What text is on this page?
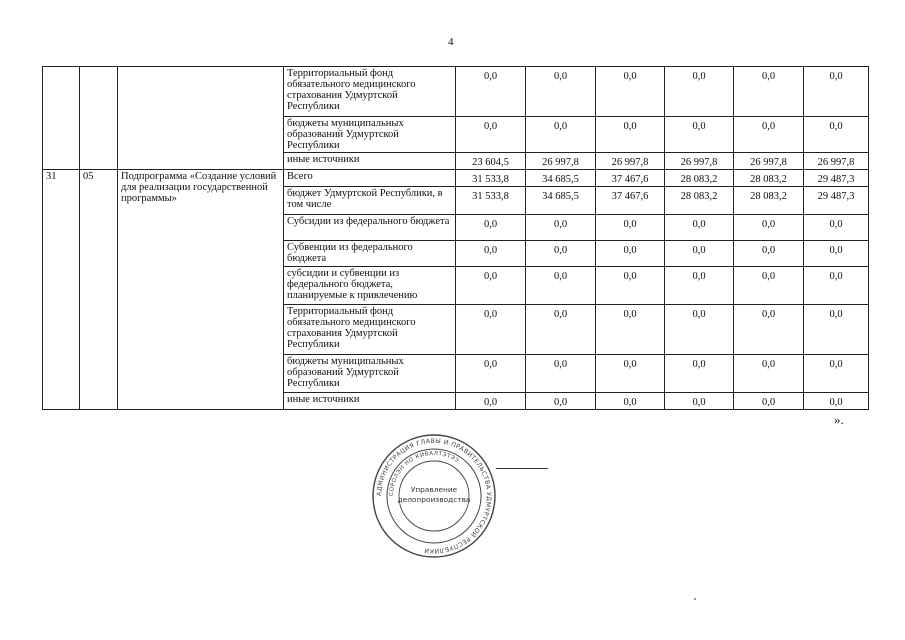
4
			Территориальный фонд обязательного медицинского страхования Удмуртской Республики	0,0	0,0	0,0	0,0	0,0	0,0
			бюджеты муниципальных образований Удмуртской Республики	0,0	0,0	0,0	0,0	0,0	0,0
			иные источники	23 604,5	26 997,8	26 997,8	26 997,8	26 997,8	26 997,8
31	05	Подпрограмма «Создание условий для реализации государственной программы»	Всего	31 533,8	34 685,5	37 467,6	28 083,2	28 083,2	29 487,3
			бюджет Удмуртской Республики, в том числе	31 533,8	34 685,5	37 467,6	28 083,2	28 083,2	29 487,3
			Субсидии из федерального бюджета	0,0	0,0	0,0	0,0	0,0	0,0
			Субвенции из федерального бюджета	0,0	0,0	0,0	0,0	0,0	0,0
			субсидии и субвенции из федерального бюджета, планируемые к привлечению	0,0	0,0	0,0	0,0	0,0	0,0
			Территориальный фонд обязательного медицинского страхования Удмуртской Республики	0,0	0,0	0,0	0,0	0,0	0,0
			бюджеты муниципальных образований Удмуртской Республики	0,0	0,0	0,0	0,0	0,0	0,0
			иные источники	0,0	0,0	0,0	0,0	0,0	0,0
».
АДМИНИСТРАЦИЯ ГЛАВЫ И ПРАВИТЕЛЬСТВА УДМУРТСКОЙ РЕСПУБЛИКИ
СОРОЛЭН НО КИВАЛТЭТЭЗ
Управление
делопроизводства
